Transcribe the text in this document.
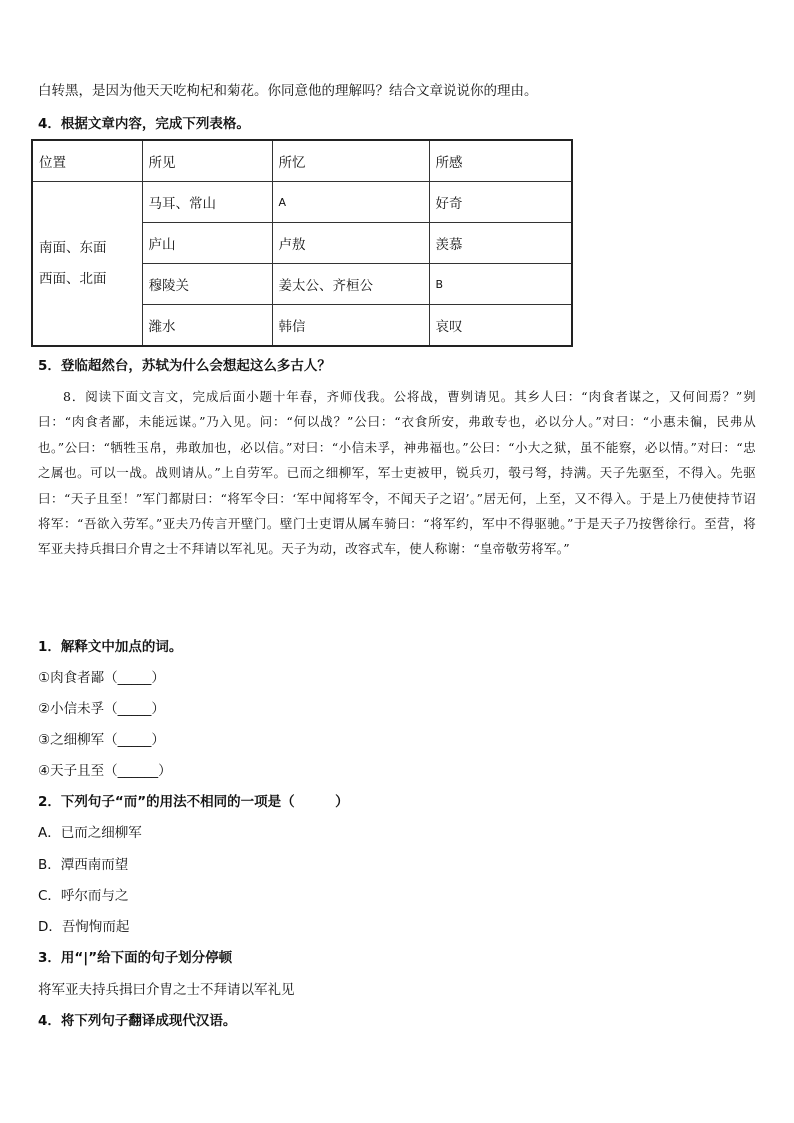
白转黑，是因为他天天吃枸杞和菊花。你同意他的理解吗？结合文章说说你的理由。
4．根据文章内容，完成下列表格。
位置	所见	所忆	所感

南面、东面
西面、北面	马耳、常山	A	好奇
	庐山	卢敖	羡慕
	穆陵关	姜太公、齐桓公	B
	潍水	韩信	哀叹
5．登临超然台，苏轼为什么会想起这么多古人？

8．阅读下面文言文，完成后面小题十年春，齐师伐我。公将战，曹刿请见。其乡人曰：“肉食者谋之，又何间焉？”刿曰：“肉食者鄙，未能远谋。”乃入见。问：“何以战？”公曰：“衣食所安，弗敢专也，必以分人。”对曰：“小惠未徧，民弗从也。”公曰：“牺牲玉帛，弗敢加也，必以信。”对曰：“小信未孚，神弗福也。”公曰：“小大之狱，虽不能察，必以情。”对曰：“忠之属也。可以一战。战则请从。”上自劳军。已而之细柳军，军士吏被甲，锐兵刃，彀弓弩，持满。天子先驱至，不得入。先驱曰：“天子且至！”军门都尉曰：“将军令曰：‘军中闻将军令，不闻天子之诏’。”居无何，上至，又不得入。于是上乃使使持节诏将军：“吾欲入劳军。”亚夫乃传言开壁门。壁门士吏谓从属车骑曰：“将军约，军中不得驱驰。”于是天子乃按辔徐行。至营，将军亚夫持兵揖曰介胄之士不拜请以军礼见。天子为动，改容式车，使人称谢：“皇帝敬劳将军。”

1．解释文中加点的词。
①肉食者鄙（_____）
②小信未孚（_____）
③之细柳军（_____）
④天子且至（______）
2．下列句子“而”的用法不相同的一项是（　　　）
A．已而之细柳军
B．潭西南而望
C．呼尔而与之
D．吾恂恂而起
3．用“|”给下面的句子划分停顿
将军亚夫持兵揖曰介胄之士不拜请以军礼见
4．将下列句子翻译成现代汉语。
